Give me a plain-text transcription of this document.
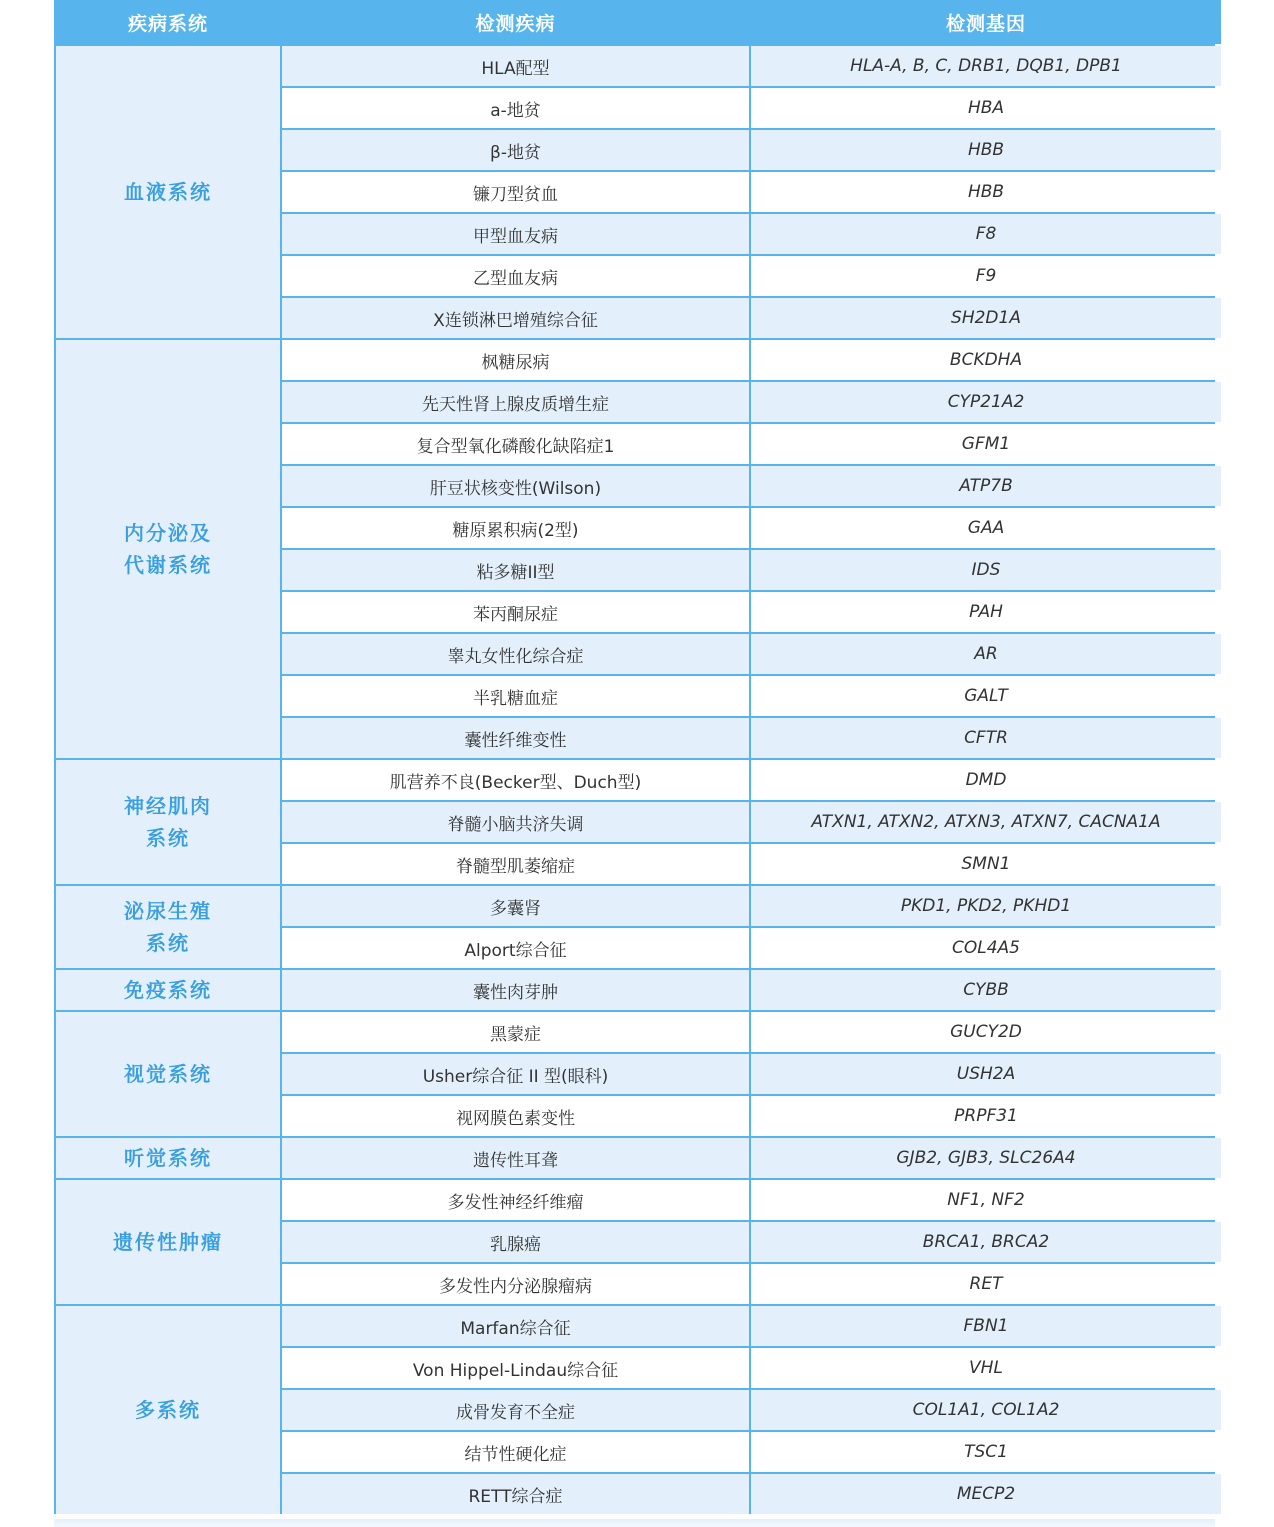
疾病系统	检测疾病	检测基因
血液系统
HLA配型	HLA-A, B, C, DRB1, DQB1, DPB1
a-地贫	HBA
β-地贫	HBB
镰刀型贫血	HBB
甲型血友病	F8
乙型血友病	F9
X连锁淋巴增殖综合征	SH2D1A
内分泌及
代谢系统
枫糖尿病	BCKDHA
先天性肾上腺皮质增生症	CYP21A2
复合型氧化磷酸化缺陷症1	GFM1
肝豆状核变性(Wilson)	ATP7B
糖原累积病(2型)	GAA
粘多糖II型	IDS
苯丙酮尿症	PAH
睾丸女性化综合症	AR
半乳糖血症	GALT
囊性纤维变性	CFTR
神经肌肉
系统
肌营养不良(Becker型、Duch型)	DMD
脊髓小脑共济失调	ATXN1, ATXN2, ATXN3, ATXN7, CACNA1A
脊髓型肌萎缩症	SMN1
泌尿生殖
系统
多囊肾	PKD1, PKD2, PKHD1
Alport综合征	COL4A5
免疫系统	囊性肉芽肿	CYBB
视觉系统
黑蒙症	GUCY2D
Usher综合征 II 型(眼科)	USH2A
视网膜色素变性	PRPF31
听觉系统	遗传性耳聋	GJB2, GJB3, SLC26A4
遗传性肿瘤
多发性神经纤维瘤	NF1, NF2
乳腺癌	BRCA1, BRCA2
多发性内分泌腺瘤病	RET
多系统
Marfan综合征	FBN1
Von Hippel-Lindau综合征	VHL
成骨发育不全症	COL1A1, COL1A2
结节性硬化症	TSC1
RETT综合症	MECP2
